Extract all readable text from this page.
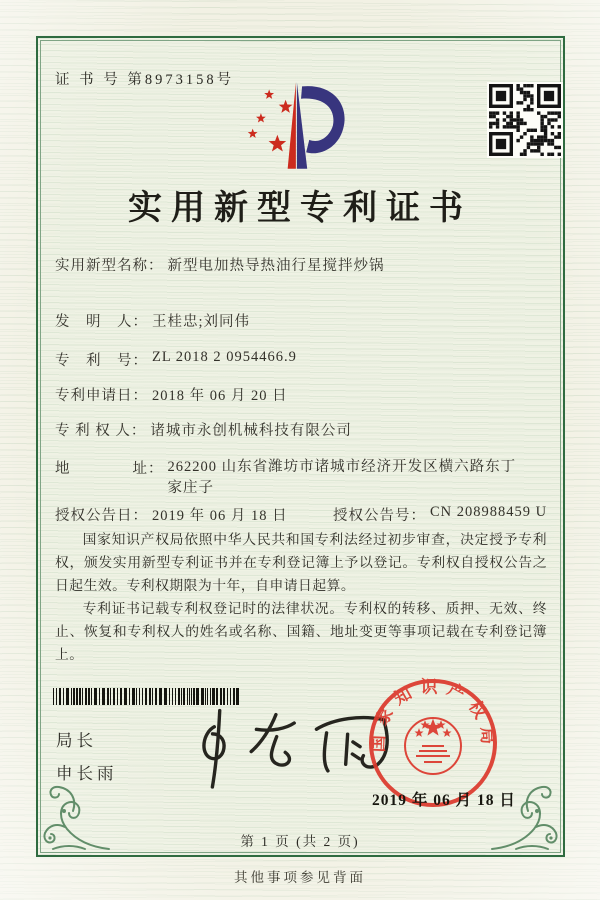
证 书 号 第8973158号
实用新型专利证书
实用新型名称： 新型电加热导热油行星搅拌炒锅
发　明　人： 王桂忠;刘同伟
专　利　号： ZL 2018 2 0954466.9
专利申请日： 2018 年 06 月 20 日
专 利 权 人： 诸城市永创机械科技有限公司
地　　　　址： 262200 山东省潍坊市诸城市经济开发区横六路东丁家庄子
授权公告日： 2019 年 06 月 18 日	授权公告号： CN 208988459 U

国家知识产权局依照中华人民共和国专利法经过初步审查，决定授予专利权，颁发实用新型专利证书并在专利登记簿上予以登记。专利权自授权公告之日起生效。专利权期限为十年，自申请日起算。

专利证书记载专利权登记时的法律状况。专利权的转移、质押、无效、终止、恢复和专利权人的姓名或名称、国籍、地址变更等事项记载在专利登记簿上。

局长
申长雨
国家知识产权局
2019 年 06 月 18 日
第 1 页 (共 2 页)
其他事项参见背面
